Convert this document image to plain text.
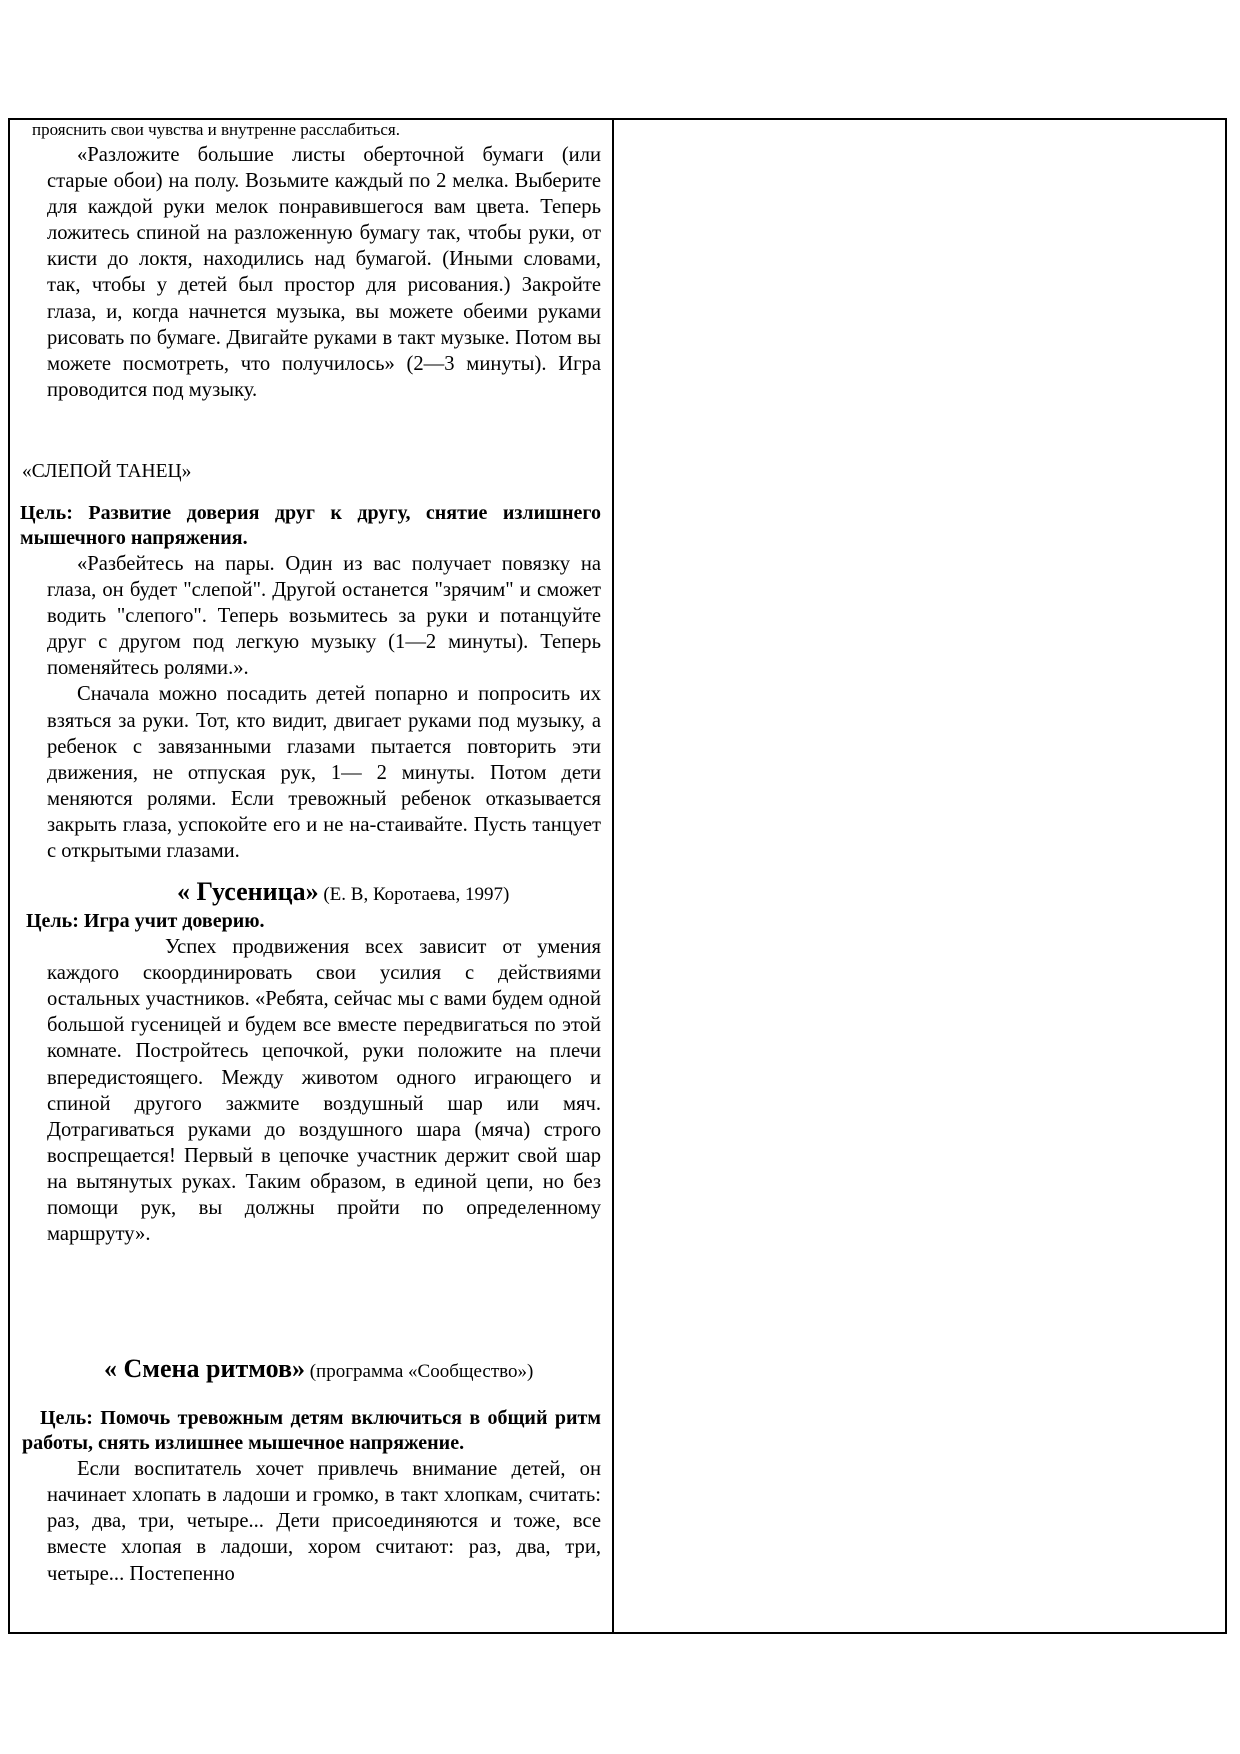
прояснить свои чувства и внутренне расслабиться.

«Разложите большие листы оберточной бумаги (или старые обои) на полу. Возьмите каждый по 2 мелка. Выберите для каждой руки мелок понравившегося вам цвета. Теперь ложитесь спиной на разложенную бумагу так, чтобы руки, от кисти до локтя, находились над бумагой. (Иными словами, так, чтобы у детей был простор для рисования.) Закройте глаза, и, когда начнется музыка, вы можете обеими руками рисовать по бумаге. Двигайте руками в такт музыке. Потом вы можете посмотреть, что получилось» (2—3 минуты). Игра проводится под музыку.

«СЛЕПОЙ ТАНЕЦ»

Цель: Развитие доверия друг к другу, снятие излишнего мышечного напряжения.

«Разбейтесь на пары. Один из вас получает повязку на глаза, он будет "слепой". Другой останется "зрячим" и сможет водить "слепого". Теперь возьмитесь за руки и потанцуйте друг с другом под легкую музыку (1—2 минуты). Теперь поменяйтесь ролями.».

Сначала можно посадить детей попарно и попросить их взяться за руки. Тот, кто видит, двигает руками под музыку, а ребенок с завязанными глазами пытается повторить эти движения, не отпуская рук, 1— 2 минуты. Потом дети меняются ролями. Если тревожный ребенок отказывается закрыть глаза, успокойте его и не на-стаивайте. Пусть танцует с открытыми глазами.

« Гусеница» (Е. В, Коротаева, 1997)

Цель: Игра учит доверию.

Успех продвижения всех зависит от умения каждого скоординировать свои усилия с действиями остальных участников. «Ребята, сейчас мы с вами будем одной большой гусеницей и будем все вместе передвигаться по этой комнате. Постройтесь цепочкой, руки положите на плечи впередистоящего. Между животом одного играющего и спиной другого зажмите воздушный шар или мяч. Дотрагиваться руками до воздушного шара (мяча) строго воспрещается! Первый в цепочке участник держит свой шар на вытянутых руках. Таким образом, в единой цепи, но без помощи рук, вы должны пройти по определенному маршруту».

« Смена ритмов» (программа «Сообщество»)

Цель: Помочь тревожным детям включиться в общий ритм работы, снять излишнее мышечное напряжение.

Если воспитатель хочет привлечь внимание детей, он начинает хлопать в ладоши и громко, в такт хлопкам, считать: раз, два, три, четыре... Дети присоединяются и тоже, все вместе хлопая в ладоши, хором считают: раз, два, три, четыре... Постепенно
